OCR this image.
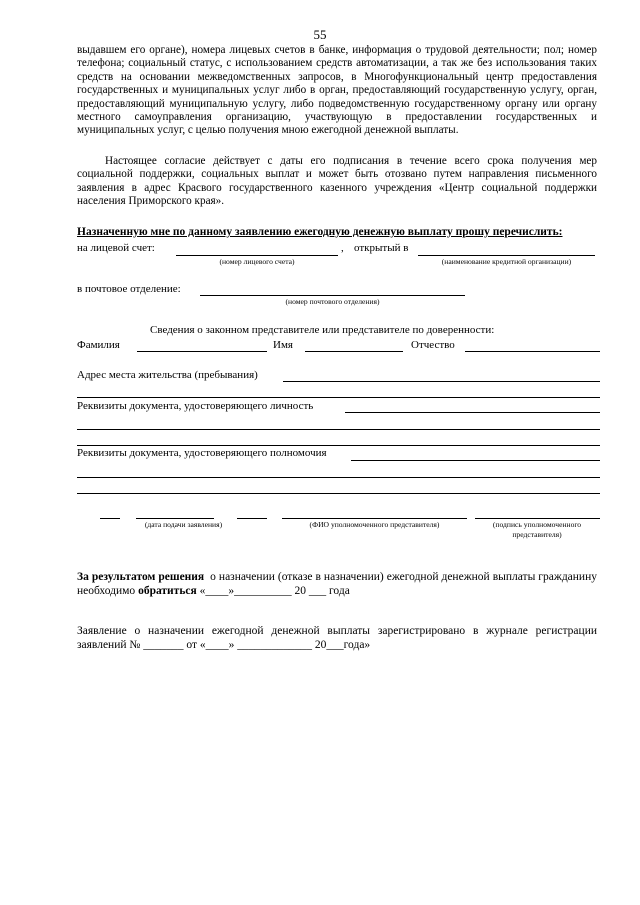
55
выдавшем его органе), номера лицевых счетов в банке, информация о трудовой деятельности; пол; номер телефона; социальный статус, с использованием средств автоматизации, а так же без использования таких средств на основании межведомственных запросов, в Многофункциональный центр предоставления государственных и муниципальных услуг либо в орган, предоставляющий государственную услугу, орган, предоставляющий муниципальную услугу, либо подведомственную государственному органу или органу местного самоуправления организацию, участвующую в предоставлении государственных и муниципальных услуг, с целью получения мною ежегодной денежной выплаты.
Настоящее согласие действует с даты его подписания в течение всего срока получения мер социальной поддержки, социальных выплат и может быть отозвано путем направления письменного заявления в адрес Красвого государственного казенного учреждения «Центр социальной поддержки населения Приморского края».
Назначенную мне по данному заявлению ежегодную денежную выплату прошу перечислить:
на лицевой счет:	, открытый в
(номер лицевого счета)	(наименование кредитной организации)
в почтовое отделение:
(номер почтового отделения)
Сведения о законном представителе или представителе по доверенности:
Фамилия	Имя	Отчество
Адрес места жительства (пребывания)
Реквизиты документа, удостоверяющего личность
Реквизиты документа, удостоверяющего полномочия
(дата подачи заявления)	(ФИО уполномоченного представителя)	(подпись уполномоченного представителя)
За результатом решения о назначении (отказе в назначении) ежегодной денежной выплаты гражданину необходимо обратиться «____»__________ 20 ___ года
Заявление о назначении ежегодной денежной выплаты зарегистрировано в журнале регистрации заявлений № _______ от «____» _____________ 20___года»
